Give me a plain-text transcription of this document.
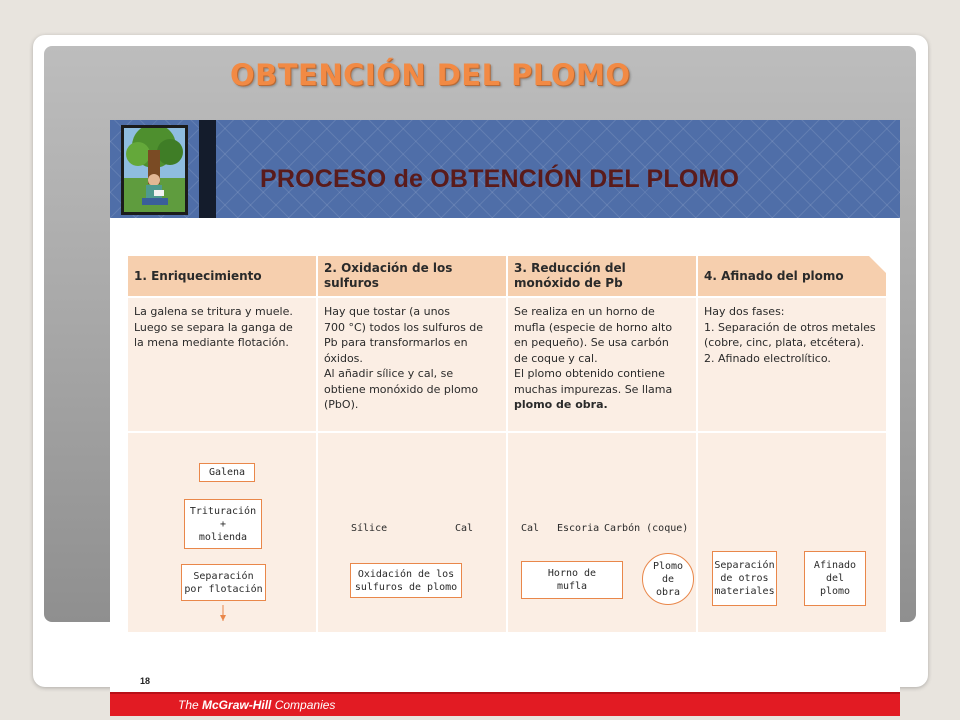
OBTENCIÓN DEL PLOMO
PROCESO de OBTENCIÓN DEL PLOMO
1. Enriquecimiento

La galena se tritura y muele.
Luego se separa la ganga de
la mena mediante flotación.

2. Oxidación de los
sulfuros

Hay que tostar (a unos
700 °C) todos los sulfuros de
Pb para transformarlos en
óxidos.
Al añadir sílice y cal, se
obtiene monóxido de plomo
(PbO).

3. Reducción del
monóxido de Pb

Se realiza en un horno de
mufla (especie de horno alto
en pequeño). Se usa carbón
de coque y cal.
El plomo obtenido contiene
muchas impurezas. Se llama

plomo de obra.

4. Afinado del plomo

Hay dos fases:
1. Separación de otros metales
(cobre, cinc, plata, etcétera).
2. Afinado electrolítico.

18
Galena
Trituración
+
molienda
Separación
por flotación
Sílice	Cal
Oxidación de los
sulfuros de plomo
Cal Escoria Carbón (coque)
Horno de
mufla
Plomo
de
obra
Separación
de otros
materiales
Afinado
del
plomo
The McGraw-Hill Companies
